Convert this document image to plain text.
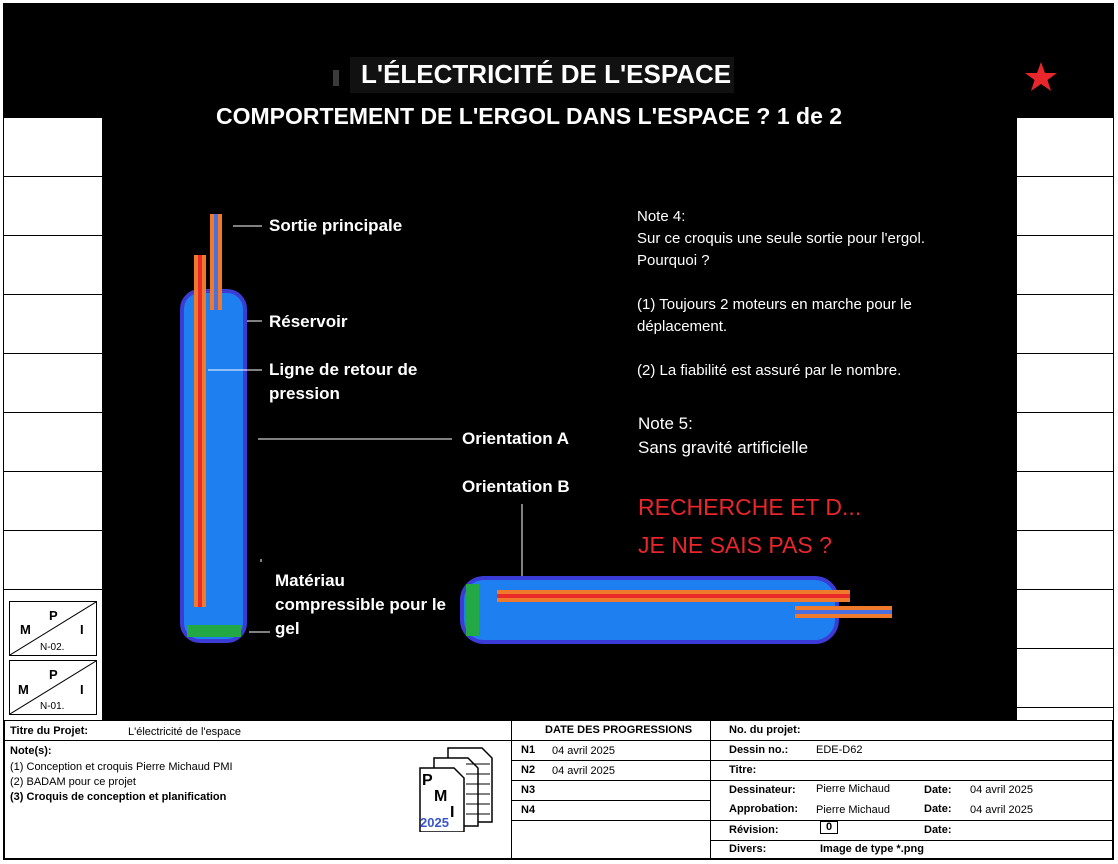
L'ÉLECTRICITÉ DE L'ESPACE
COMPORTEMENT DE L'ERGOL DANS L'ESPACE ? 1 de 2
Sortie principale
Réservoir
Ligne de retour de
pression
Orientation A
Orientation B
Matériau
compressible pour le
gel
Note 4:
Sur ce croquis une seule sortie pour l'ergol.
Pourquoi ?
(1) Toujours 2 moteurs en marche pour le
déplacement.
(2) La fiabilité est assuré par le nombre.
Note 5:
Sans gravité artificielle
RECHERCHE ET D...
JE NE SAIS PAS ?
M
P
I
N-02.
M
P
I
N-01.
Titre du Projet:	L'électricité de l'espace
Note(s):
(1) Conception et croquis Pierre Michaud PMI
(2) BADAM pour ce projet
(3) Croquis de conception et planification
P
M
I
2025
DATE DES PROGRESSIONS
N1 04 avril 2025
N2 04 avril 2025
N3
N4
No. du projet:
Dessin no.:	EDE-D62
Titre:
Dessinateur: Pierre Michaud	Date: 04 avril 2025
Approbation: Pierre Michaud	Date: 04 avril 2025
Révision:	0	Date:
Divers:	Image de type *.png
